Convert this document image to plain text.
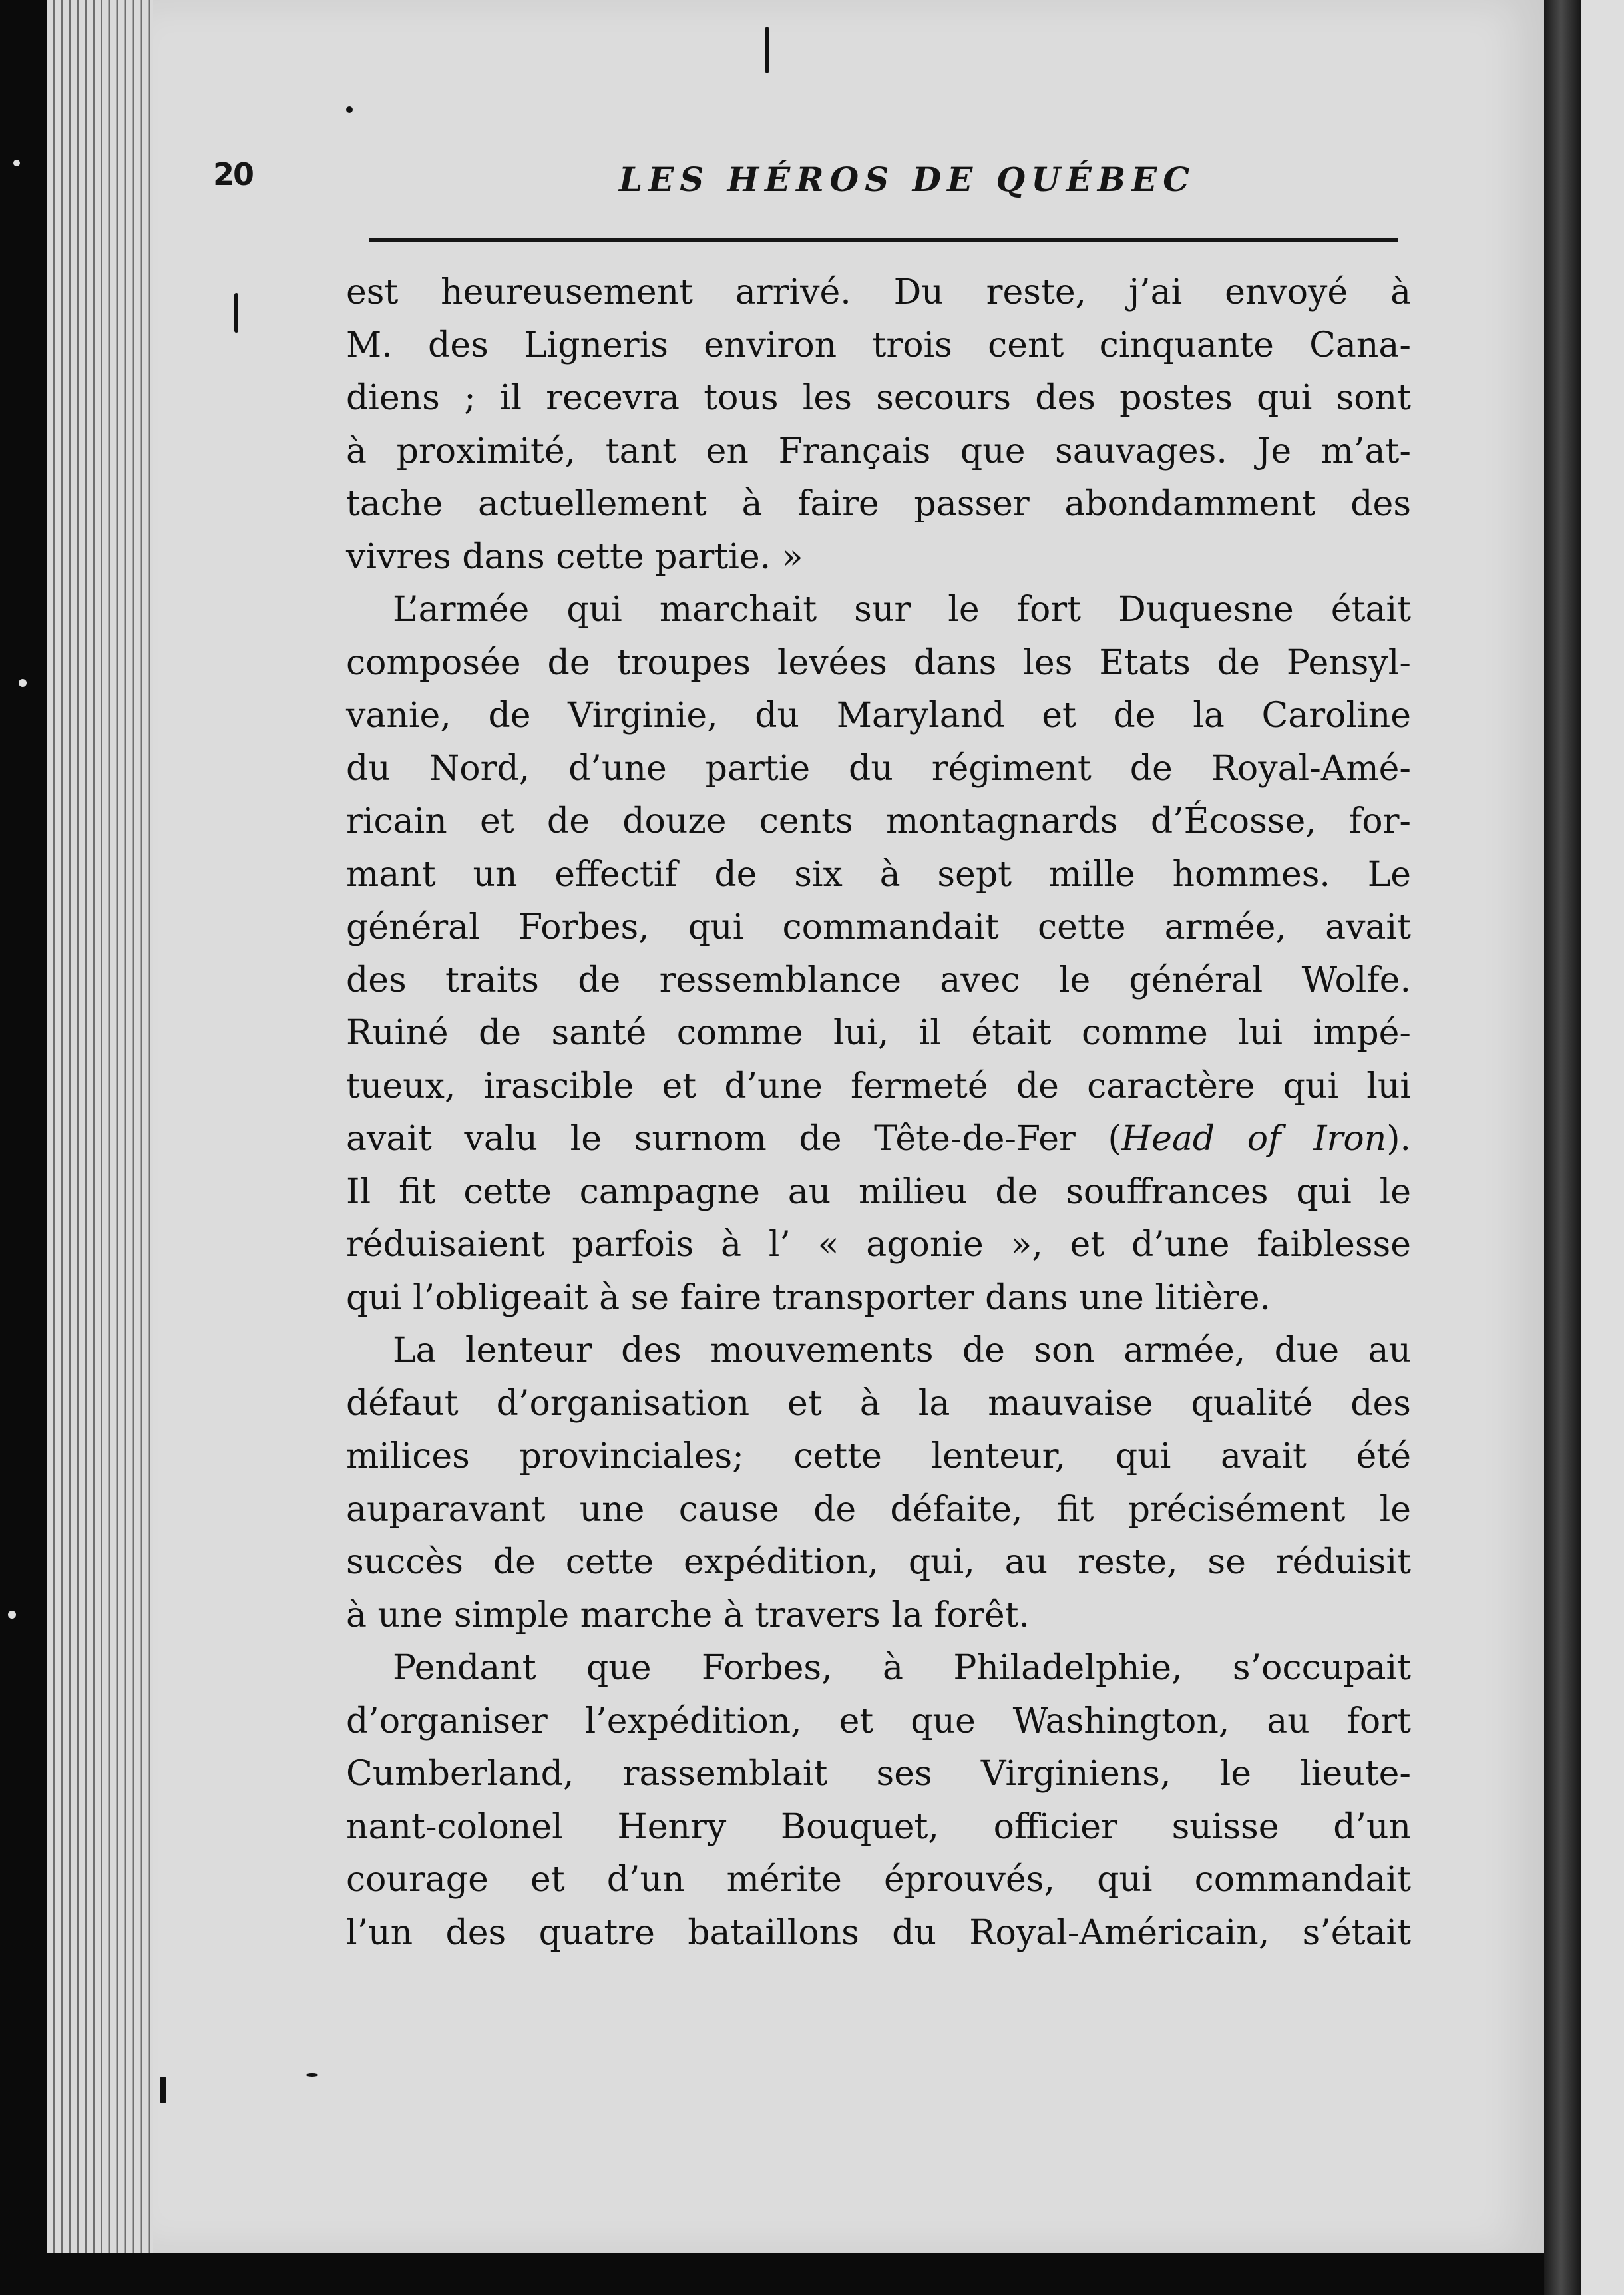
20	LES HÉROS DE QUÉBEC
est heureusement arrivé. Du reste, j’ai envoyé à
M. des Ligneris environ trois cent cinquante Cana-
diens ; il recevra tous les secours des postes qui sont
à proximité, tant en Français que sauvages. Je m’at-
tache actuellement à faire passer abondamment des
vivres dans cette partie. »
L’armée qui marchait sur le fort Duquesne était
composée de troupes levées dans les Etats de Pensyl-
vanie, de Virginie, du Maryland et de la Caroline
du Nord, d’une partie du régiment de Royal-Amé-
ricain et de douze cents montagnards d’Écosse, for-
mant un effectif de six à sept mille hommes. Le
général Forbes, qui commandait cette armée, avait
des traits de ressemblance avec le général Wolfe.
Ruiné de santé comme lui, il était comme lui impé-
tueux, irascible et d’une fermeté de caractère qui lui
avait valu le surnom de Tête-de-Fer (Head of Iron).
Il fit cette campagne au milieu de souffrances qui le
réduisaient parfois à l’ « agonie », et d’une faiblesse
qui l’obligeait à se faire transporter dans une litière.
La lenteur des mouvements de son armée, due au
défaut d’organisation et à la mauvaise qualité des
milices provinciales; cette lenteur, qui avait été
auparavant une cause de défaite, fit précisément le
succès de cette expédition, qui, au reste, se réduisit
à une simple marche à travers la forêt.
Pendant que Forbes, à Philadelphie, s’occupait
d’organiser l’expédition, et que Washington, au fort
Cumberland, rassemblait ses Virginiens, le lieute-
nant-colonel Henry Bouquet, officier suisse d’un
courage et d’un mérite éprouvés, qui commandait
l’un des quatre bataillons du Royal-Américain, s’était
